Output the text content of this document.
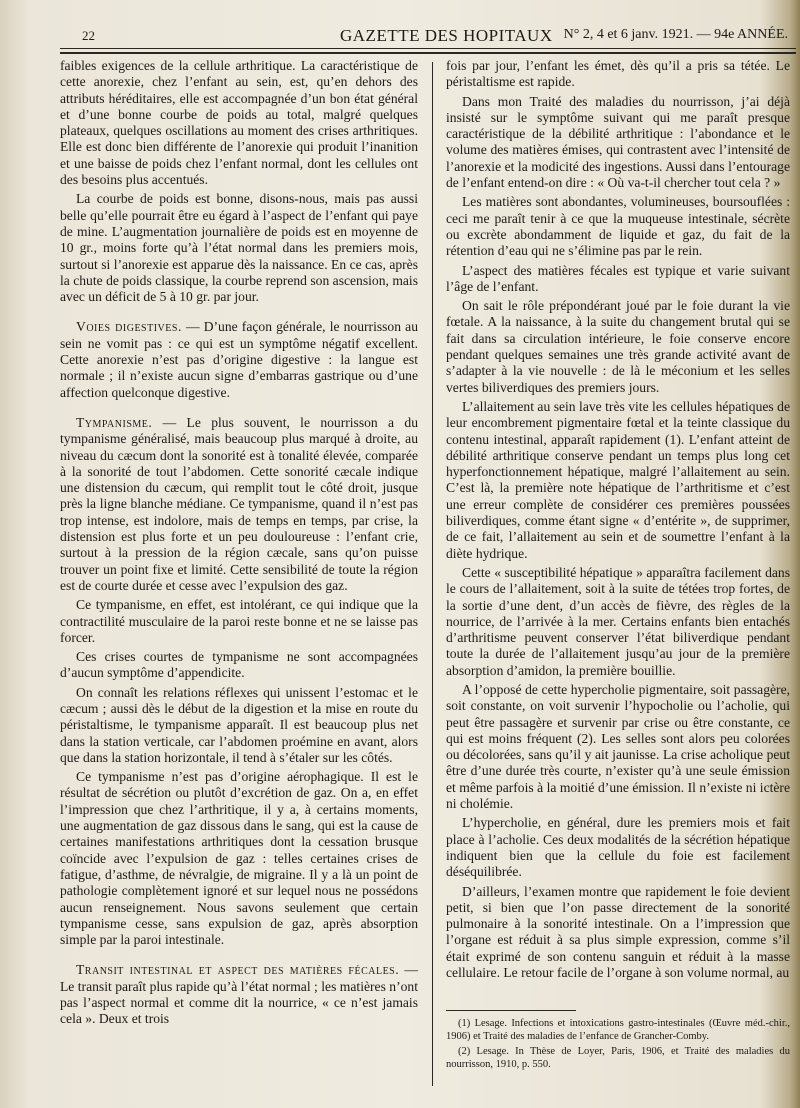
22	GAZETTE DES HOPITAUX N° 2, 4 et 6 janv. 1921. — 94e ANNÉE.

faibles exigences de la cellule arthritique. La caractéristique de cette anorexie, chez l’enfant au sein, est, qu’en dehors des attributs héréditaires, elle est accompagnée d’un bon état général et d’une bonne courbe de poids au total, malgré quelques plateaux, quelques oscillations au moment des crises arthritiques. Elle est donc bien différente de l’anorexie qui produit l’inanition et une baisse de poids chez l’enfant normal, dont les cellules ont des besoins plus accentués.

La courbe de poids est bonne, disons-nous, mais pas aussi belle qu’elle pourrait être eu égard à l’aspect de l’enfant qui paye de mine. L’augmentation journalière de poids est en moyenne de 10 gr., moins forte qu’à l’état normal dans les premiers mois, surtout si l’anorexie est apparue dès la naissance. En ce cas, après la chute de poids classique, la courbe reprend son ascension, mais avec un déficit de 5 à 10 gr. par jour.

Voies digestives. — D’une façon générale, le nourrisson au sein ne vomit pas : ce qui est un symptôme négatif excellent. Cette anorexie n’est pas d’origine digestive : la langue est normale ; il n’existe aucun signe d’embarras gastrique ou d’une affection quelconque digestive.

Tympanisme. — Le plus souvent, le nourrisson a du tympanisme généralisé, mais beaucoup plus marqué à droite, au niveau du cæcum dont la sonorité est à tonalité élevée, comparée à la sonorité de tout l’abdomen. Cette sonorité cæcale indique une distension du cæcum, qui remplit tout le côté droit, jusque près la ligne blanche médiane. Ce tympanisme, quand il n’est pas trop intense, est indolore, mais de temps en temps, par crise, la distension est plus forte et un peu douloureuse : l’enfant crie, surtout à la pression de la région cæcale, sans qu’on puisse trouver un point fixe et limité. Cette sensibilité de toute la région est de courte durée et cesse avec l’expulsion des gaz.

Ce tympanisme, en effet, est intolérant, ce qui indique que la contractilité musculaire de la paroi reste bonne et ne se laisse pas forcer.

Ces crises courtes de tympanisme ne sont accompagnées d’aucun symptôme d’appendicite.

On connaît les relations réflexes qui unissent l’estomac et le cæcum ; aussi dès le début de la digestion et la mise en route du péristaltisme, le tympanisme apparaît. Il est beaucoup plus net dans la station verticale, car l’abdomen proémine en avant, alors que dans la station horizontale, il tend à s’étaler sur les côtés.

Ce tympanisme n’est pas d’origine aérophagique. Il est le résultat de sécrétion ou plutôt d’excrétion de gaz. On a, en effet l’impression que chez l’arthritique, il y a, à certains moments, une augmentation de gaz dissous dans le sang, qui est la cause de certaines manifestations arthritiques dont la cessation brusque coïncide avec l’expulsion de gaz : telles certaines crises de fatigue, d’asthme, de névralgie, de migraine. Il y a là un point de pathologie complètement ignoré et sur lequel nous ne possédons aucun renseignement. Nous savons seulement que certain tympanisme cesse, sans expulsion de gaz, après absorption simple par la paroi intestinale.

Transit intestinal et aspect des matières fécales. — Le transit paraît plus rapide qu’à l’état normal ; les matières n’ont pas l’aspect normal et comme dit la nourrice, « ce n’est jamais cela ». Deux et trois

fois par jour, l’enfant les émet, dès qu’il a pris sa tétée. Le péristaltisme est rapide.

Dans mon Traité des maladies du nourrisson, j’ai déjà insisté sur le symptôme suivant qui me paraît presque caractéristique de la débilité arthritique : l’abondance et le volume des matières émises, qui contrastent avec l’intensité de l’anorexie et la modicité des ingestions. Aussi dans l’entourage de l’enfant entend-on dire : « Où va-t-il chercher tout cela ? »

Les matières sont abondantes, volumineuses, boursouflées : ceci me paraît tenir à ce que la muqueuse intestinale, sécrète ou excrète abondamment de liquide et gaz, du fait de la rétention d’eau qui ne s’élimine pas par le rein.

L’aspect des matières fécales est typique et varie suivant l’âge de l’enfant.

On sait le rôle prépondérant joué par le foie durant la vie fœtale. A la naissance, à la suite du changement brutal qui se fait dans sa circulation intérieure, le foie conserve encore pendant quelques semaines une très grande activité avant de s’adapter à la vie nouvelle : de là le méconium et les selles vertes biliverdiques des premiers jours.

L’allaitement au sein lave très vite les cellules hépatiques de leur encombrement pigmentaire fœtal et la teinte classique du contenu intestinal, apparaît rapidement (1). L’enfant atteint de débilité arthritique conserve pendant un temps plus long cet hyperfonctionnement hépatique, malgré l’allaitement au sein. C’est là, la première note hépatique de l’arthritisme et c’est une erreur complète de considérer ces premières poussées biliverdiques, comme étant signe « d’entérite », de supprimer, de ce fait, l’allaitement au sein et de soumettre l’enfant à la diète hydrique.

Cette « susceptibilité hépatique » apparaîtra facilement dans le cours de l’allaitement, soit à la suite de tétées trop fortes, de la sortie d’une dent, d’un accès de fièvre, des règles de la nourrice, de l’arrivée à la mer. Certains enfants bien entachés d’arthritisme peuvent conserver l’état biliverdique pendant toute la durée de l’allaitement jusqu’au jour de la première absorption d’amidon, la première bouillie.

A l’opposé de cette hypercholie pigmentaire, soit passagère, soit constante, on voit survenir l’hypocholie ou l’acholie, qui peut être passagère et survenir par crise ou être constante, ce qui est moins fréquent (2). Les selles sont alors peu colorées ou décolorées, sans qu’il y ait jaunisse. La crise acholique peut être d’une durée très courte, n’exister qu’à une seule émission et même parfois à la moitié d’une émission. Il n’existe ni ictère ni cholémie.

L’hypercholie, en général, dure les premiers mois et fait place à l’acholie. Ces deux modalités de la sécrétion hépatique indiquent bien que la cellule du foie est facilement déséquilibrée.

D’ailleurs, l’examen montre que rapidement le foie devient petit, si bien que l’on passe directement de la sonorité pulmonaire à la sonorité intestinale. On a l’impression que l’organe est réduit à sa plus simple expression, comme s’il était exprimé de son contenu sanguin et réduit à la masse cellulaire. Le retour facile de l’organe à son volume normal, au

(1) Lesage. Infections et intoxications gastro-intestinales (Œuvre méd.-chir., 1906) et Traité des maladies de l’enfance de Grancher-Comby.

(2) Lesage. In Thèse de Loyer, Paris, 1906, et Traité des maladies du nourrisson, 1910, p. 550.
